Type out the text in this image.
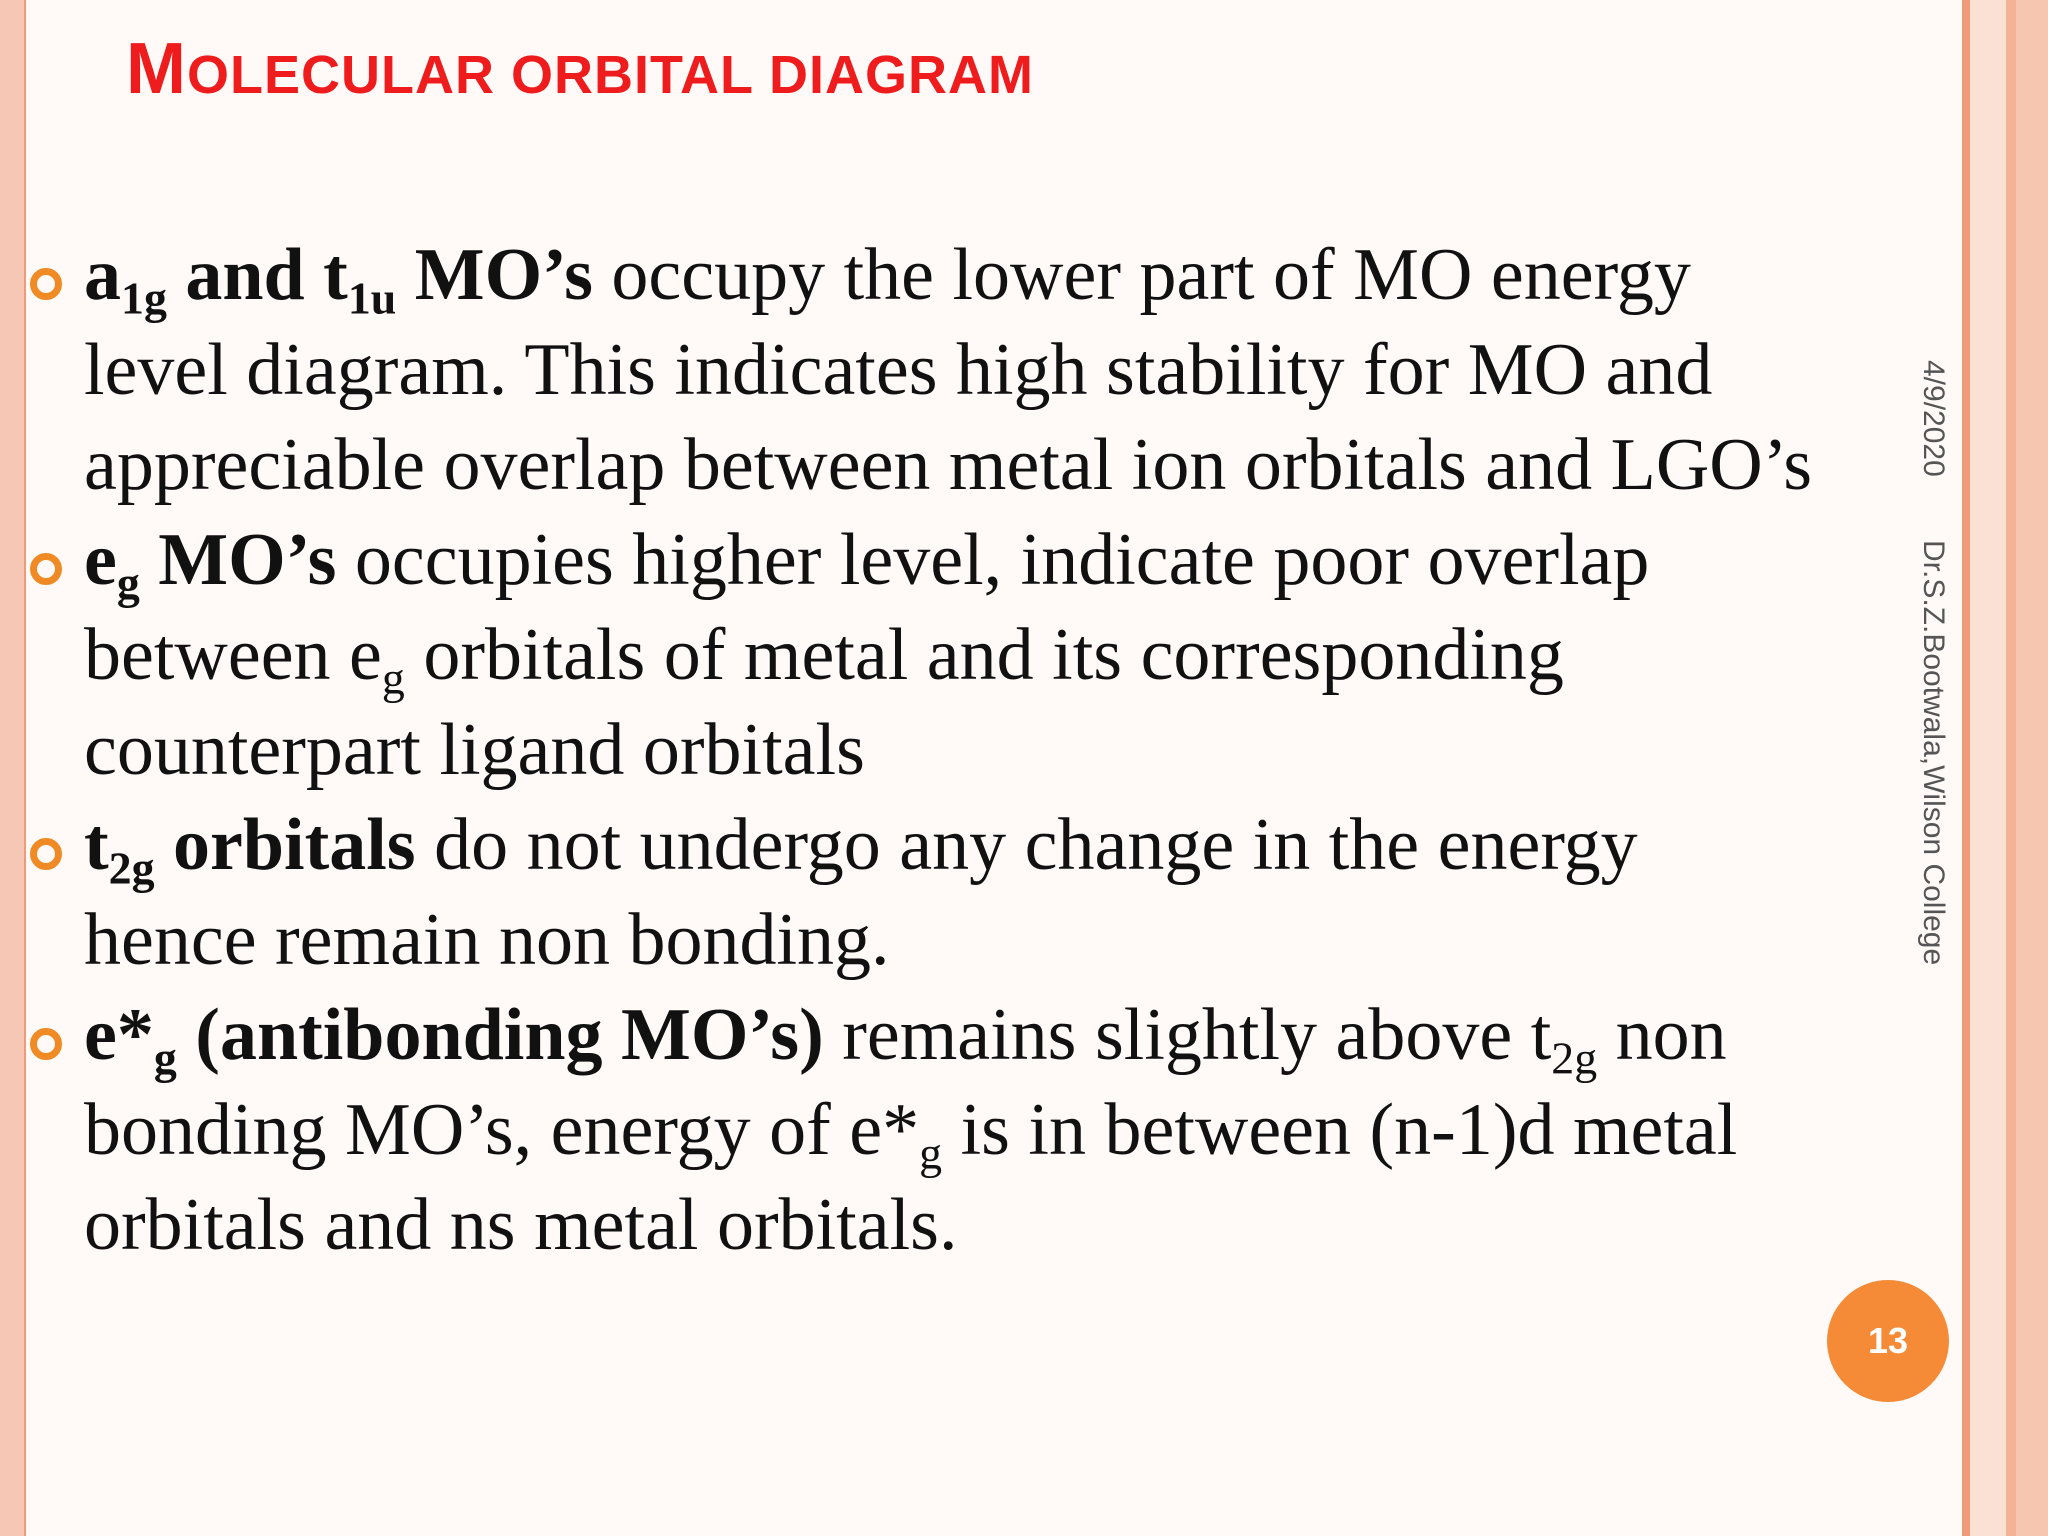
MOLECULAR ORBITAL DIAGRAM
$a_{1g}$ and $t_{1u}$ MO’s occupy the lower part of MO energy
level diagram. This indicates high stability for MO and
appreciable overlap between metal ion orbitals and LGO’s
$e_g$ MO’s occupies higher level, indicate poor overlap
between $e_g$ orbitals of metal and its corresponding
counterpart ligand orbitals
$t_{2g}$ orbitals do not undergo any change in the energy
hence remain non bonding.
$e*_g$ (antibonding MO’s) remains slightly above $t_{2g}$ non
bonding MO’s, energy of $e*_g$ is in between (n-1)d metal
orbitals and ns metal orbitals.
4/9/2020
Dr.S.Z.Bootwala,Wilson College
13
